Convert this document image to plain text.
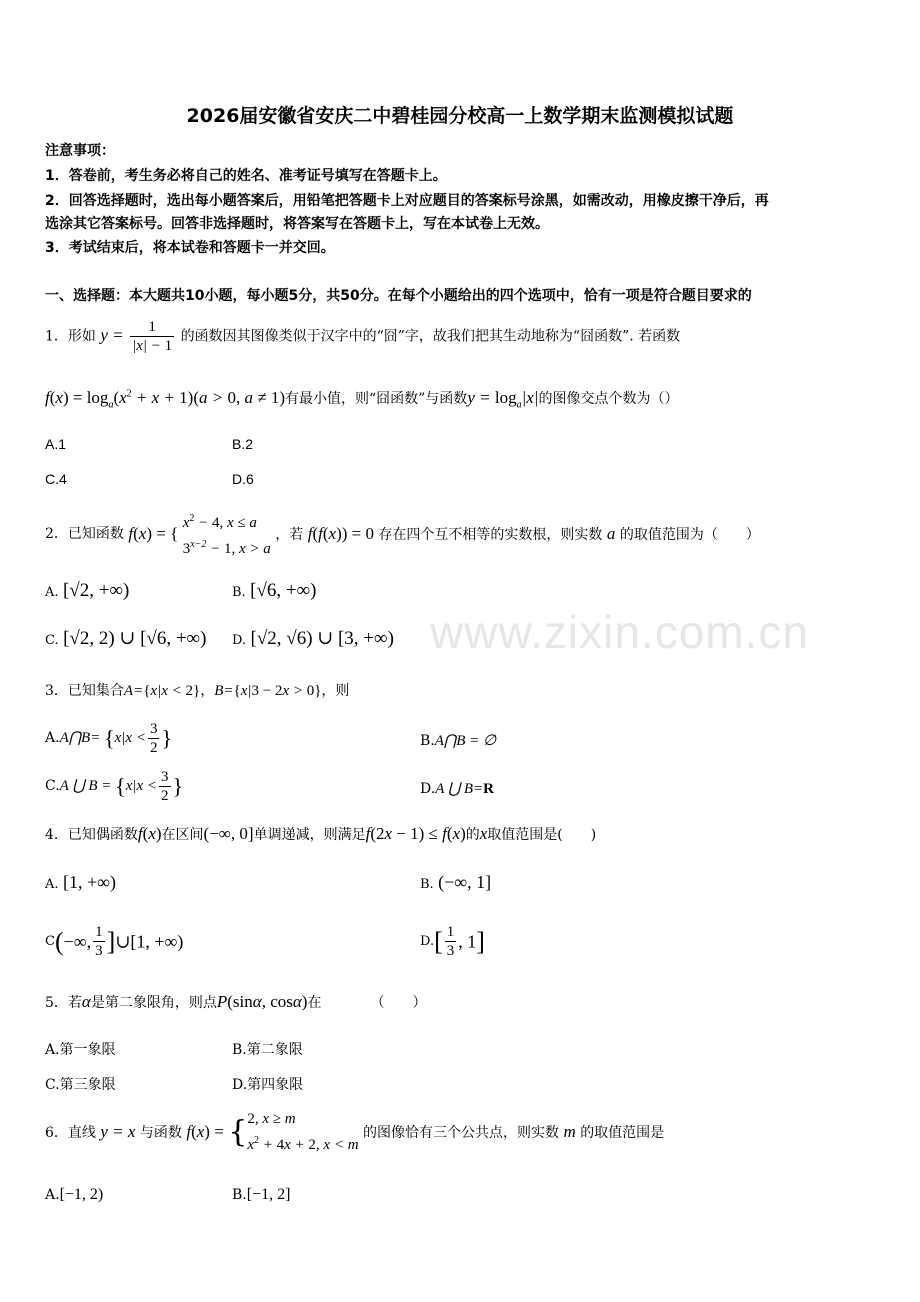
2026届安徽省安庆二中碧桂园分校高一上数学期末监测模拟试题
注意事项：
1．答卷前，考生务必将自己的姓名、准考证号填写在答题卡上。
2．回答选择题时，选出每小题答案后，用铅笔把答题卡上对应题目的答案标号涂黑，如需改动，用橡皮擦干净后，再
选涂其它答案标号。回答非选择题时，将答案写在答题卡上，写在本试卷上无效。
3．考试结束后，将本试卷和答题卡一并交回。
一、选择题：本大题共10小题，每小题5分，共50分。在每个小题给出的四个选项中，恰有一项是符合题目要求的
www.zixin.com.cn
1．形如 $y = \frac{1}{|x| - 1}$ 的函数因其图像类似于汉字中的“囧”字，故我们把其生动地称为“囧函数”. 若函数
$f(x) = \log_a(x^2 + x + 1)(a > 0$, a ≠ 1)有最小值，则“囧函数”与函数$y = \log_a|x|$的图像交点个数为（）
A.1	B.2
C.4	D.6
2．已知函数 f(x) = {
$x^2 - 4$, x ≤ a
$3^{x-2} - 1$, x > a
，若 f(f(x)) = 0 存在四个互不相等的实数根，则实数 a 的取值范围为（　　）
A. [√2, +∞)	B. [√6, +∞)
C. [√2, 2) ∪ [√6, +∞) D. [√2, √6) ∪ [3, +∞)
3．已知集合A={x|x < 2}，B={x|3 − 2x > 0}，则
A.A⋂B= {$x|x < \frac{3}{2}$ }	B.A⋂B = ∅
C.A ⋃ $B = \{x|x < \frac{3}{2}$ }	D.A ⋃ B=R
4．已知偶函数f(x)在区间(−∞, 0]单调递减，则满足f(2x − 1) ≤ f(x)的x取值范围是(　　)
A. [1, +∞)	B. (−∞, 1]
C(−∞, $\frac{1}{3}$ ]∪[1, +∞)	$D.[ \frac{1}{3}$ , 1]
5．若α是第二象限角，则点P(sinα, cosα)在　　　　（　　）
A.第一象限	B.第二象限
C.第三象限	D.第四象限
6．直线 y = x 与函数 f(x) = { 2, x ≥ m
$x^2 + 4x + 2$, x < m
的图像恰有三个公共点，则实数 m 的取值范围是
A.[−1, 2)	B.[−1, 2]
